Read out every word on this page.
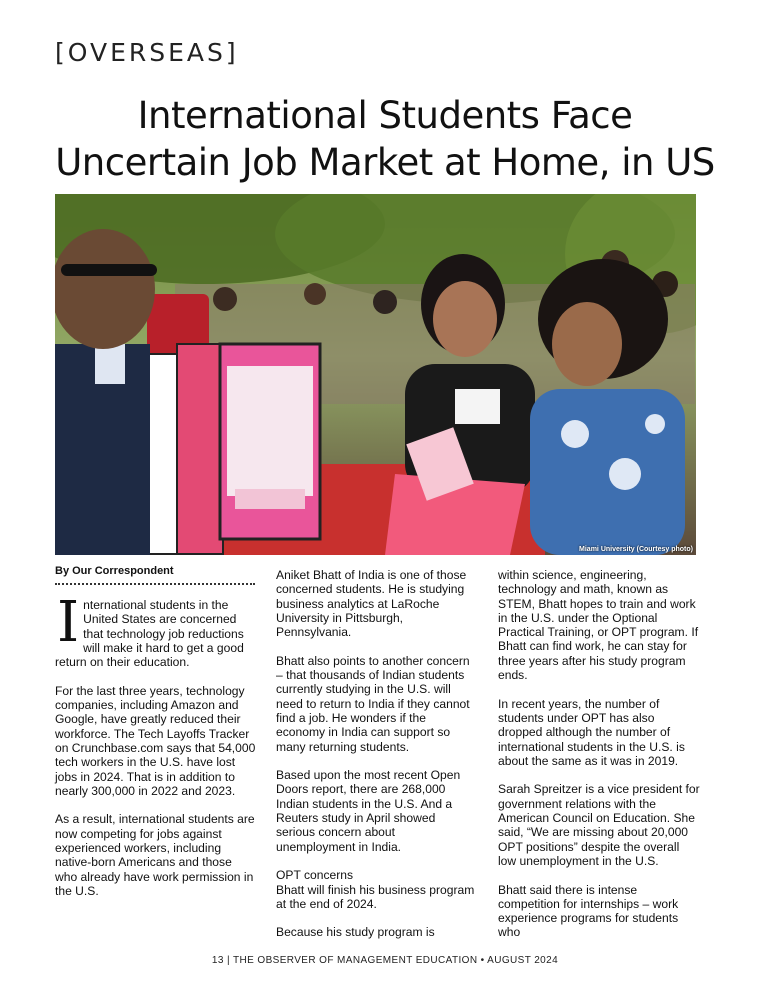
[OVERSEAS]
International Students Face
Uncertain Job Market at Home, in US
Miami University (Courtesy photo)
By Our Correspondent

International students in the United States are concerned that technology job reductions will make it hard to get a good return on their education.

For the last three years, technology companies, including Amazon and Google, have greatly reduced their workforce. The Tech Layoffs Tracker on Crunchbase.com says that 54,000 tech workers in the U.S. have lost jobs in 2024. That is in addition to nearly 300,000 in 2022 and 2023.

As a result, international students are now competing for jobs against experienced workers, including native-born Americans and those who already have work permission in the U.S.

Aniket Bhatt of India is one of those concerned students. He is studying business analytics at LaRoche University in Pittsburgh, Pennsylvania.

Bhatt also points to another concern – that thousands of Indian students currently studying in the U.S. will need to return to India if they cannot find a job. He wonders if the economy in India can support so many returning students.

Based upon the most recent Open Doors report, there are 268,000 Indian students in the U.S. And a Reuters study in April showed serious concern about unemployment in India.

OPT concerns
Bhatt will finish his business program at the end of 2024.

Because his study program is

within science, engineering, technology and math, known as STEM, Bhatt hopes to train and work in the U.S. under the Optional Practical Training, or OPT program. If Bhatt can find work, he can stay for three years after his study program ends.

In recent years, the number of students under OPT has also dropped although the number of international students in the U.S. is about the same as it was in 2019.

Sarah Spreitzer is a vice president for government relations with the American Council on Education. She said, “We are missing about 20,000 OPT positions” despite the overall low unemployment in the U.S.

Bhatt said there is intense competition for internships – work experience programs for students who

13 | THE OBSERVER OF MANAGEMENT EDUCATION • AUGUST 2024
